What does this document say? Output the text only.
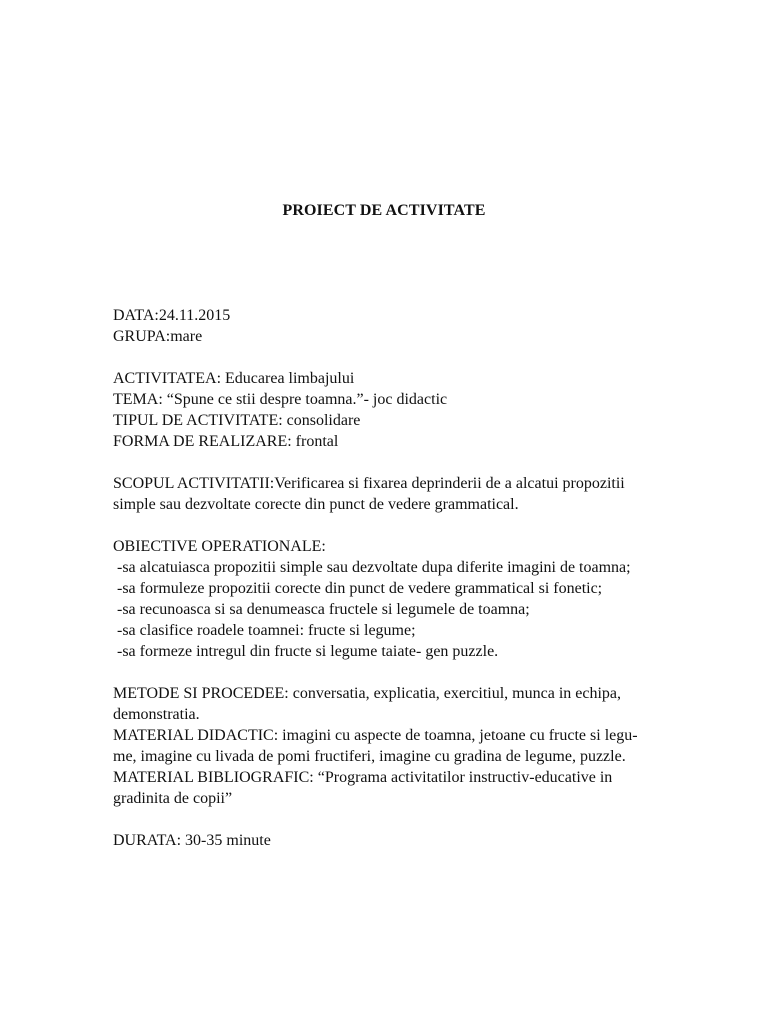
PROIECT DE ACTIVITATE
DATA:24.11.2015
GRUPA:mare
ACTIVITATEA: Educarea limbajului
TEMA: “Spune ce stii despre toamna.”- joc didactic
TIPUL DE ACTIVITATE: consolidare
FORMA DE REALIZARE: frontal
SCOPUL ACTIVITATII:Verificarea si fixarea deprinderii de a alcatui propozitii
simple sau dezvoltate corecte din punct de vedere grammatical.
OBIECTIVE OPERATIONALE:
-sa alcatuiasca propozitii simple sau dezvoltate dupa diferite imagini de toamna;
-sa formuleze propozitii corecte din punct de vedere grammatical si fonetic;
-sa recunoasca si sa denumeasca fructele si legumele de toamna;
-sa clasifice roadele toamnei: fructe si legume;
-sa formeze intregul din fructe si legume taiate- gen puzzle.
METODE SI PROCEDEE: conversatia, explicatia, exercitiul, munca in echipa,
demonstratia.
MATERIAL DIDACTIC: imagini cu aspecte de toamna, jetoane cu fructe si legu-
me, imagine cu livada de pomi fructiferi, imagine cu gradina de legume, puzzle.
MATERIAL BIBLIOGRAFIC: “Programa activitatilor instructiv-educative in
gradinita de copii”
DURATA: 30-35 minute
